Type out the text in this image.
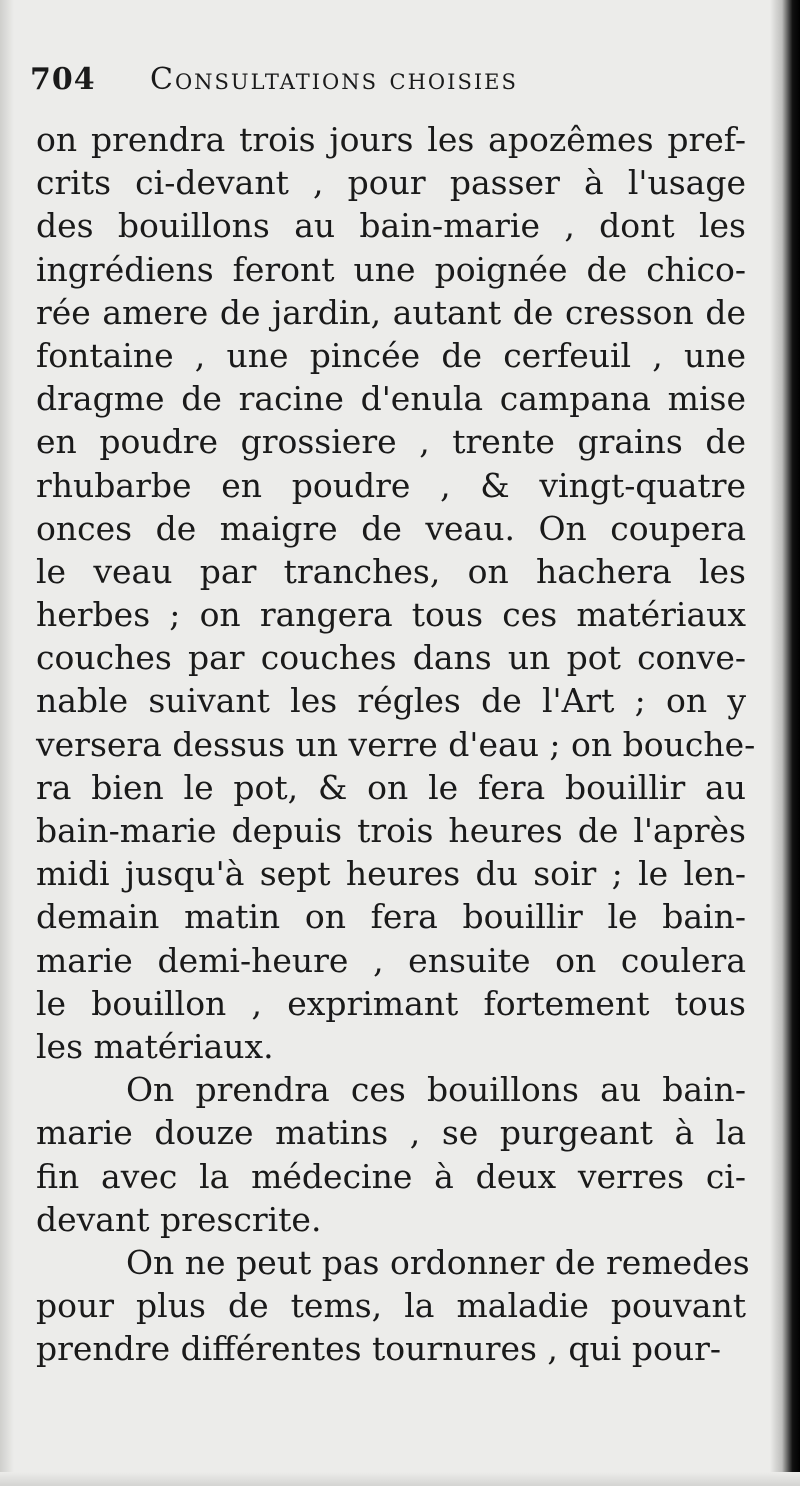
704	Consultations choisies
on prendra trois jours les apozêmes pref-
crits ci-devant , pour passer à l'usage
des bouillons au bain-marie , dont les
ingrédiens feront une poignée de chico-
rée amere de jardin, autant de cresson de
fontaine , une pincée de cerfeuil , une
dragme de racine d'enula campana mise
en poudre grossiere , trente grains de
rhubarbe en poudre , & vingt-quatre
onces de maigre de veau. On coupera
le veau par tranches, on hachera les
herbes ; on rangera tous ces matériaux
couches par couches dans un pot conve-
nable suivant les régles de l'Art ; on y
versera dessus un verre d'eau ; on bouche-
ra bien le pot, & on le fera bouillir au
bain-marie depuis trois heures de l'après
midi jusqu'à sept heures du soir ; le len-
demain matin on fera bouillir le bain-
marie demi-heure , ensuite on coulera
le bouillon , exprimant fortement tous
les matériaux.
On prendra ces bouillons au bain-
marie douze matins , se purgeant à la
fin avec la médecine à deux verres ci-
devant prescrite.
On ne peut pas ordonner de remedes
pour plus de tems, la maladie pouvant
prendre différentes tournures , qui pour-
